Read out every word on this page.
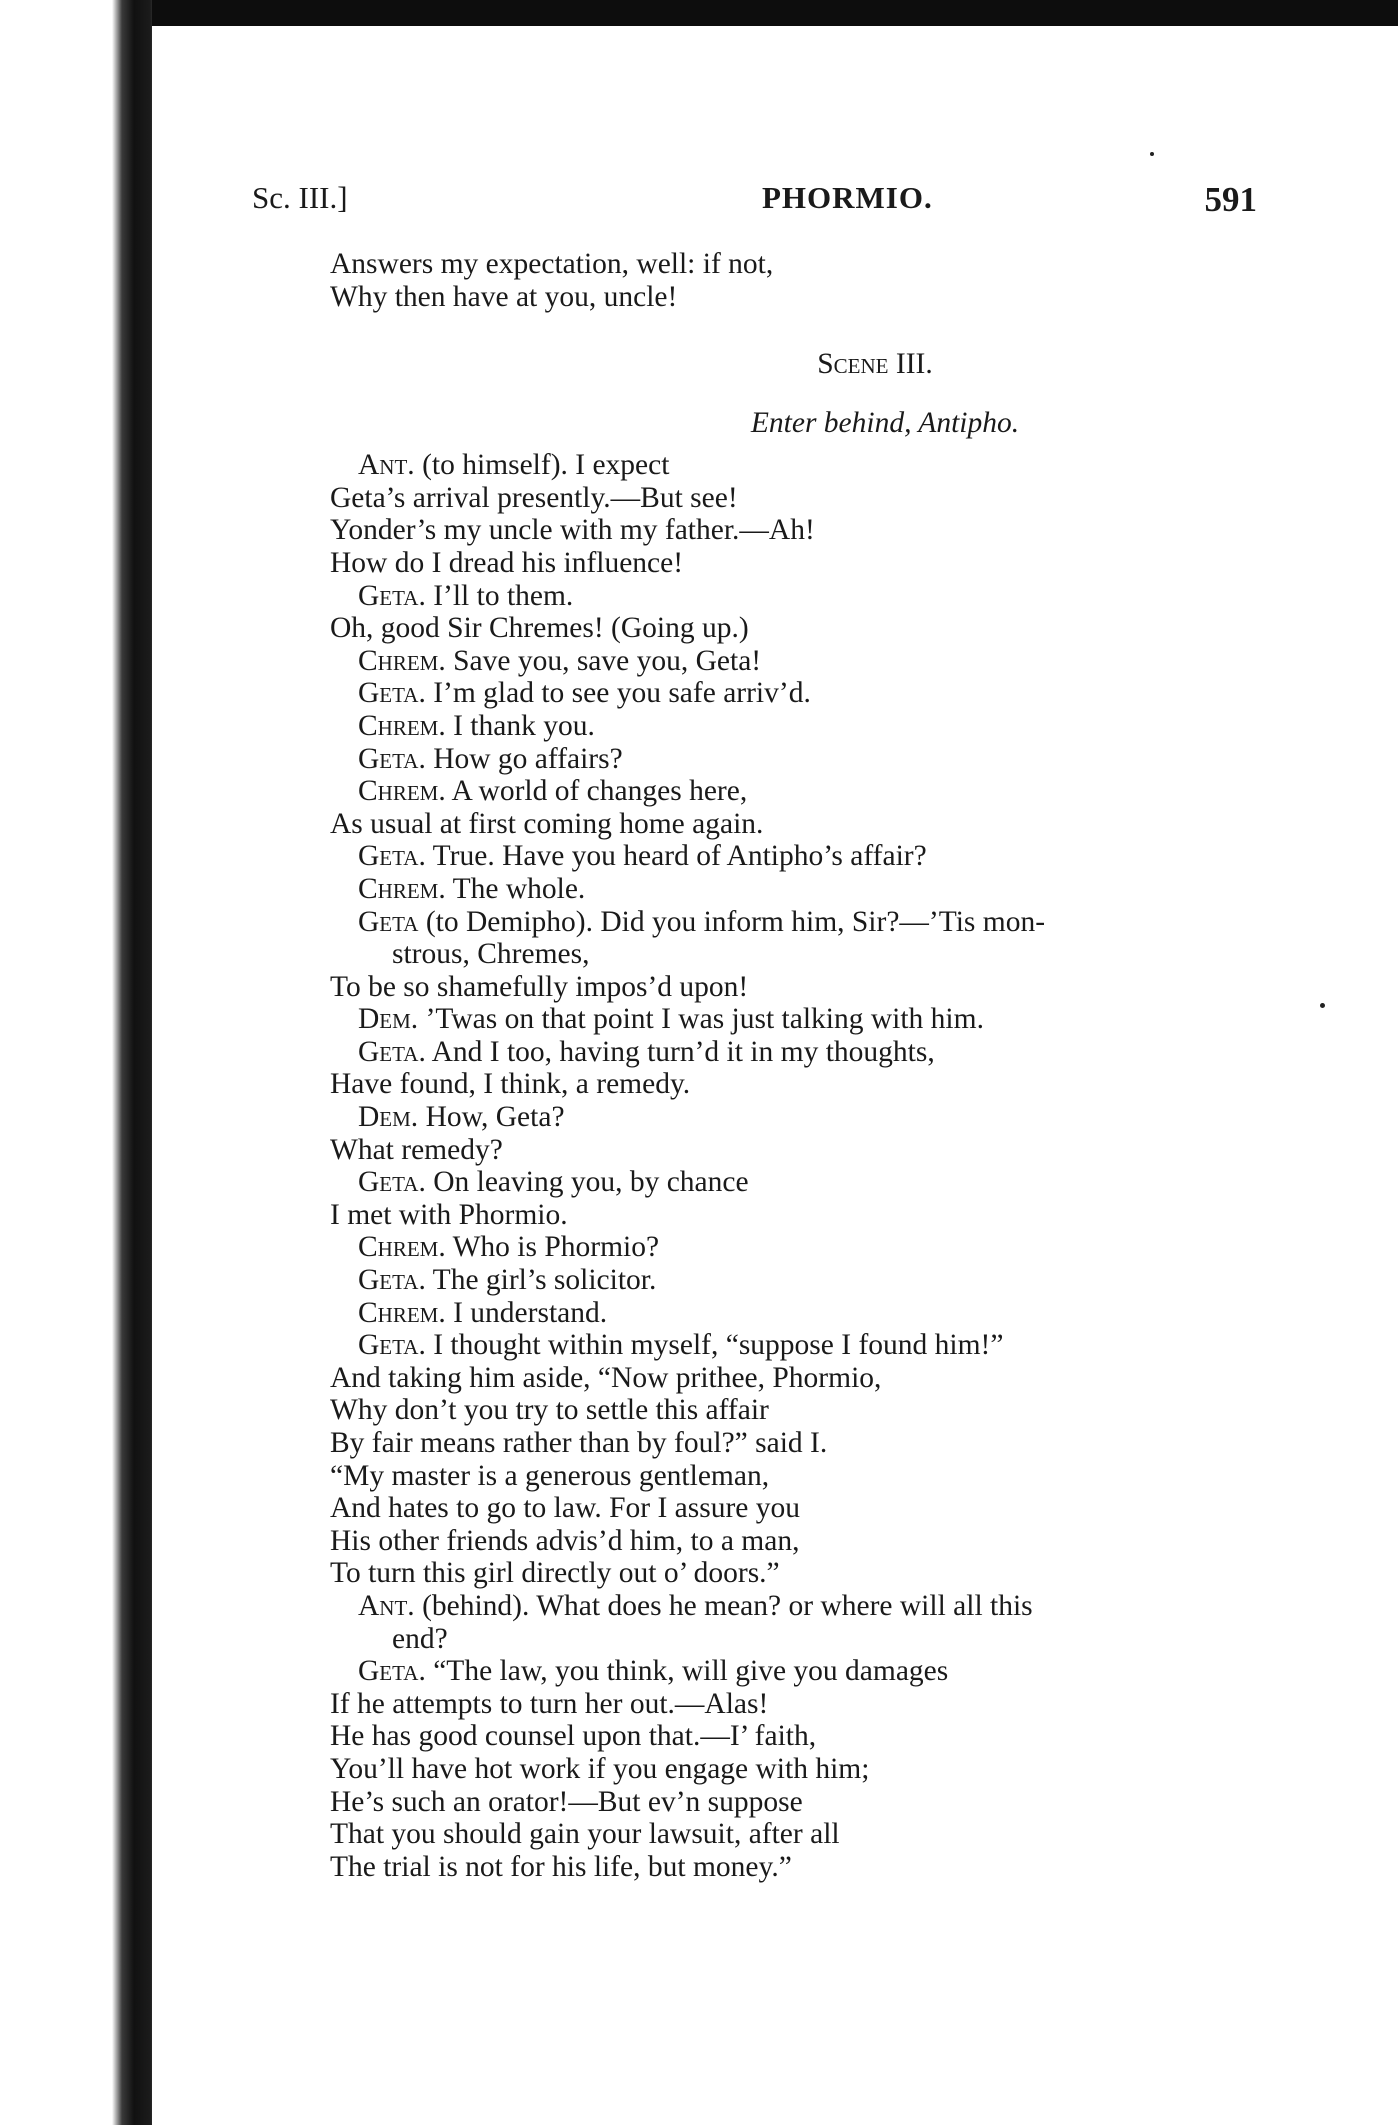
Sc. III.]	PHORMIO.	591
Answers my expectation, well: if not,
Why then have at you, uncle!
Scene III.
Enter behind, Antipho.
Ant. (to himself). I expect
Geta’s arrival presently.—But see!
Yonder’s my uncle with my father.—Ah!
How do I dread his influence!
Geta. I’ll to them.
Oh, good Sir Chremes! (Going up.)
Chrem. Save you, save you, Geta!
Geta. I’m glad to see you safe arriv’d.
Chrem. I thank you.
Geta. How go affairs?
Chrem. A world of changes here,
As usual at first coming home again.
Geta. True. Have you heard of Antipho’s affair?
Chrem. The whole.
Geta (to Demipho). Did you inform him, Sir?—’Tis mon-
strous, Chremes,
To be so shamefully impos’d upon!
Dem. ’Twas on that point I was just talking with him.
Geta. And I too, having turn’d it in my thoughts,
Have found, I think, a remedy.
Dem. How, Geta?
What remedy?
Geta. On leaving you, by chance
I met with Phormio.
Chrem. Who is Phormio?
Geta. The girl’s solicitor.
Chrem. I understand.
Geta. I thought within myself, “suppose I found him!”
And taking him aside, “Now prithee, Phormio,
Why don’t you try to settle this affair
By fair means rather than by foul?” said I.
“My master is a generous gentleman,
And hates to go to law. For I assure you
His other friends advis’d him, to a man,
To turn this girl directly out o’ doors.”
Ant. (behind). What does he mean? or where will all this
end?
Geta. “The law, you think, will give you damages
If he attempts to turn her out.—Alas!
He has good counsel upon that.—I’ faith,
You’ll have hot work if you engage with him;
He’s such an orator!—But ev’n suppose
That you should gain your lawsuit, after all
The trial is not for his life, but money.”
